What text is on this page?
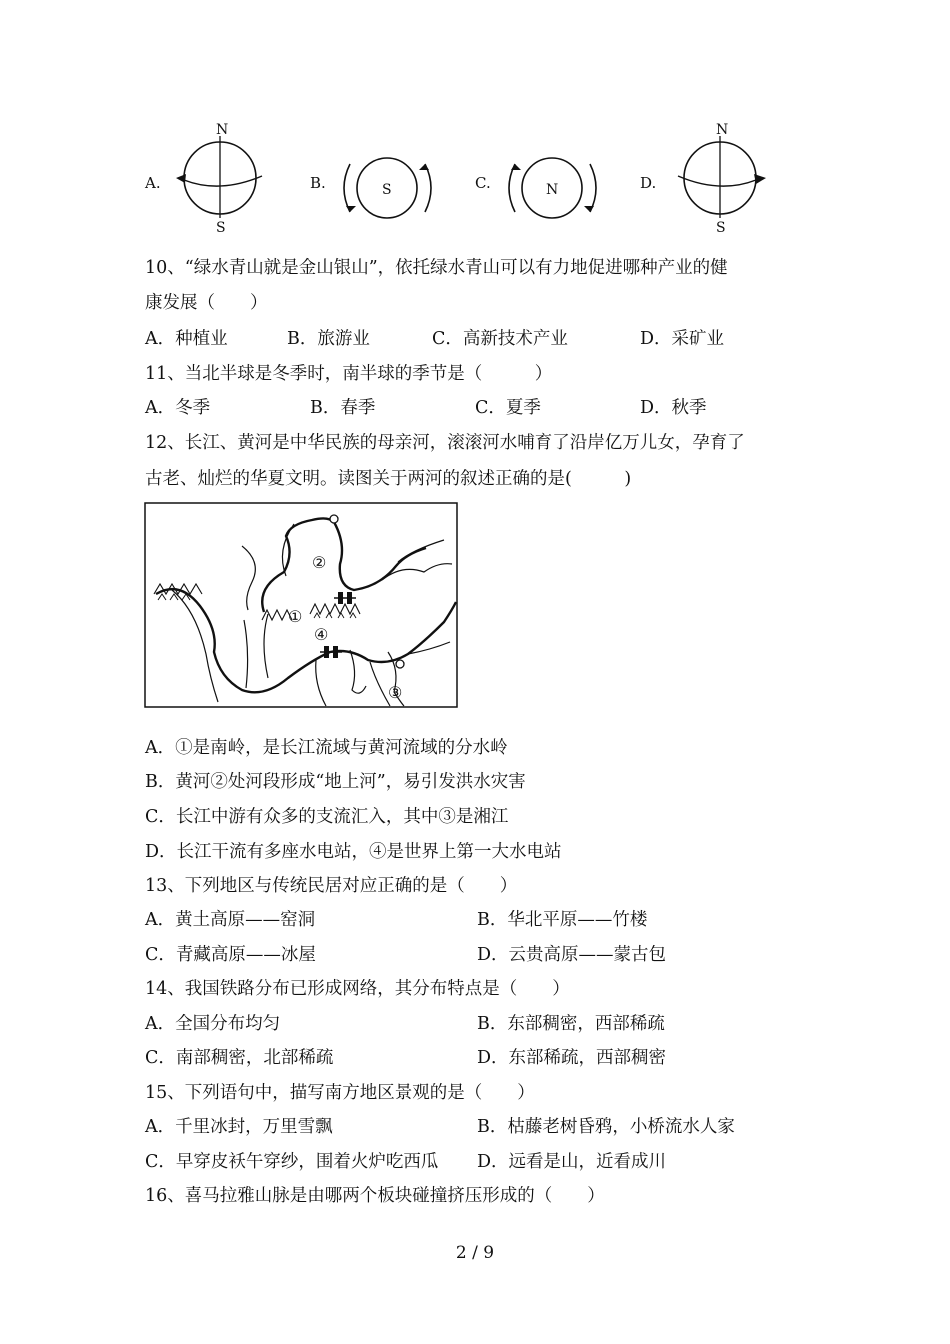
A.
N
S
B.	S	C.	N	D.
N
S
10、“绿水青山就是金山银山”，依托绿水青山可以有力地促进哪种产业的健
康发展（　　）
A．种植业	B．旅游业	C．高新技术产业	D．采矿业
11、当北半球是冬季时，南半球的季节是（　　　）
A．冬季	B．春季	C．夏季	D．秋季
12、长江、黄河是中华民族的母亲河，滚滚河水哺育了沿岸亿万儿女，孕育了
古老、灿烂的华夏文明。读图关于两河的叙述正确的是(　　　)
②
①
④
③
A．①是南岭，是长江流域与黄河流域的分水岭
B．黄河②处河段形成“地上河”，易引发洪水灾害
C．长江中游有众多的支流汇入，其中③是湘江
D．长江干流有多座水电站，④是世界上第一大水电站
13、下列地区与传统民居对应正确的是（　　）
A．黄土高原——窑洞	B．华北平原——竹楼
C．青藏高原——冰屋	D．云贵高原——蒙古包
14、我国铁路分布已形成网络，其分布特点是（　　）
A．全国分布均匀	B．东部稠密，西部稀疏
C．南部稠密，北部稀疏	D．东部稀疏，西部稠密
15、下列语句中，描写南方地区景观的是（　　）
A．千里冰封，万里雪飘	B．枯藤老树昏鸦，小桥流水人家
C．早穿皮袄午穿纱，围着火炉吃西瓜 D．远看是山，近看成川
16、喜马拉雅山脉是由哪两个板块碰撞挤压形成的（　　）
2 / 9
